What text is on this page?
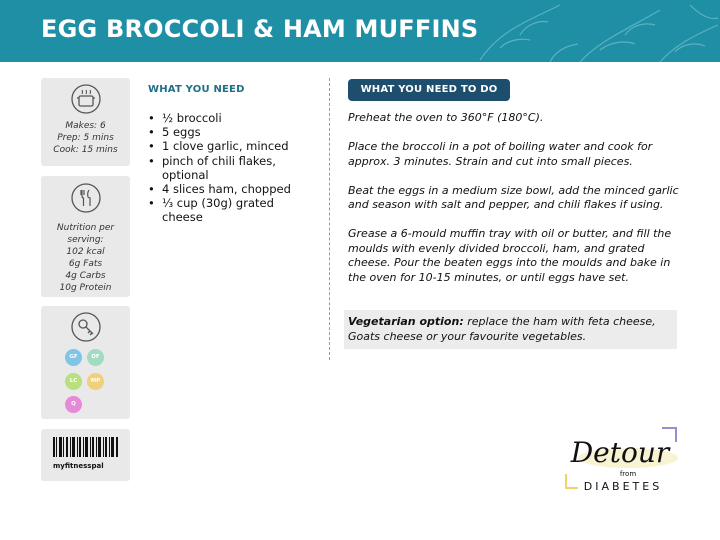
EGG BROCCOLI & HAM MUFFINS
Makes: 6
Prep: 5 mins
Cook: 15 mins
Nutrition per
serving:
102 kcal
6g Fats
4g Carbs
10g Protein
GF	DF
LC	MP
Q
myfitnesspal
WHAT YOU NEED
• ½ broccoli
• 5 eggs
• 1 clove garlic, minced
• pinch of chili flakes, optional
• 4 slices ham, chopped
• ⅓ cup (30g) grated cheese
WHAT YOU NEED TO DO

Preheat the oven to 360°F (180°C).

Place the broccoli in a pot of boiling water and cook for approx. 3 minutes. Strain and cut into small pieces.

Beat the eggs in a medium size bowl, add the minced garlic and season with salt and pepper, and chili flakes if using.

Grease a 6-mould muffin tray with oil or butter, and fill the moulds with evenly divided broccoli, ham, and grated cheese. Pour the beaten eggs into the moulds and bake in the oven for 10-15 minutes, or until eggs have set.

Vegetarian option: replace the ham with feta cheese, Goats cheese or your favourite vegetables.
Detour
from
DIABETES
